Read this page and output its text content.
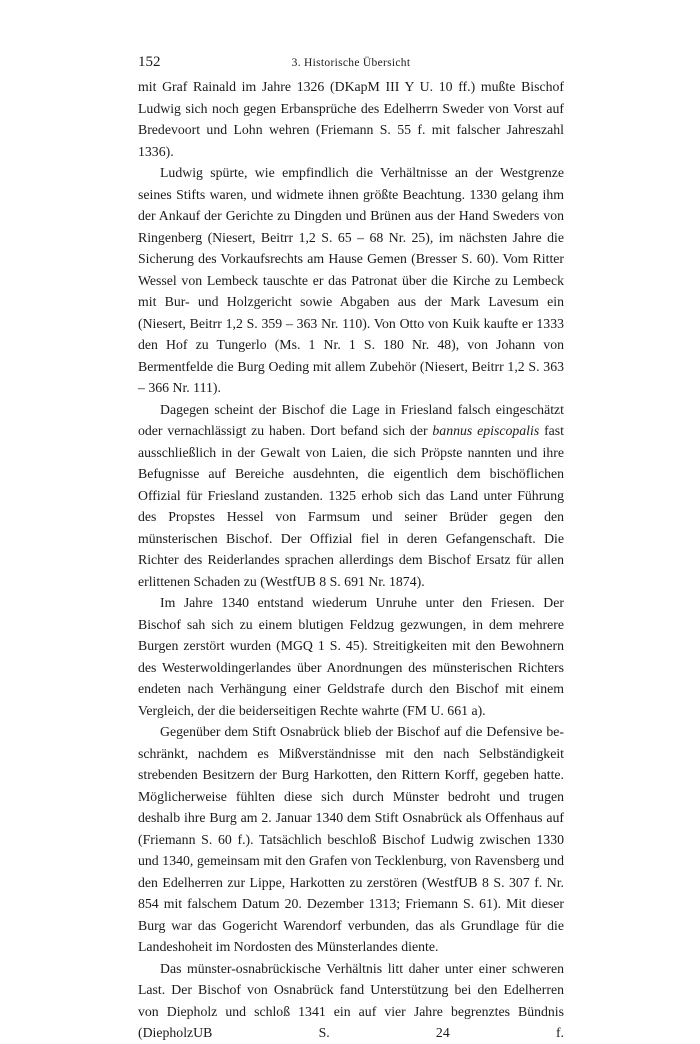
152	3. Historische Übersicht

mit Graf Rainald im Jahre 1326 (DKapM III Y U. 10 ff.) mußte Bischof Ludwig sich noch gegen Erbansprüche des Edelherrn Sweder von Vorst auf Bredevoort und Lohn wehren (Friemann S. 55 f. mit falscher Jahreszahl 1336).

Ludwig spürte, wie empfindlich die Verhältnisse an der Westgrenze seines Stifts waren, und widmete ihnen größte Beachtung. 1330 gelang ihm der Ankauf der Gerichte zu Dingden und Brünen aus der Hand Sweders von Ringenberg (Niesert, Beitrr 1,2 S. 65 – 68 Nr. 25), im nächsten Jahre die Sicherung des Vorkaufsrechts am Hause Gemen (Bresser S. 60). Vom Ritter Wessel von Lembeck tauschte er das Patronat über die Kirche zu Lembeck mit Bur- und Holzgericht sowie Abgaben aus der Mark Lavesum ein (Niesert, Beitrr 1,2 S. 359 – 363 Nr. 110). Von Otto von Kuik kaufte er 1333 den Hof zu Tungerlo (Ms. 1 Nr. 1 S. 180 Nr. 48), von Johann von Bermentfelde die Burg Oeding mit allem Zubehör (Niesert, Beitrr 1,2 S. 363 – 366 Nr. 111).

Dagegen scheint der Bischof die Lage in Friesland falsch eingeschätzt oder vernachlässigt zu haben. Dort befand sich der bannus episcopalis fast ausschließlich in der Gewalt von Laien, die sich Pröpste nannten und ihre Befugnisse auf Bereiche ausdehnten, die eigentlich dem bischöflichen Offizial für Friesland zustanden. 1325 erhob sich das Land unter Führung des Propstes Hessel von Farmsum und seiner Brüder gegen den münsterischen Bischof. Der Offizial fiel in deren Gefangenschaft. Die Richter des Reiderlandes sprachen allerdings dem Bischof Ersatz für allen erlittenen Schaden zu (WestfUB 8 S. 691 Nr. 1874).

Im Jahre 1340 entstand wiederum Unruhe unter den Friesen. Der Bischof sah sich zu einem blutigen Feldzug gezwungen, in dem mehrere Burgen zerstört wurden (MGQ 1 S. 45). Streitigkeiten mit den Bewohnern des Westerwoldingerlandes über Anordnungen des münsterischen Richters endeten nach Verhängung einer Geldstrafe durch den Bischof mit einem Vergleich, der die beiderseitigen Rechte wahrte (FM U. 661 a).

Gegenüber dem Stift Osnabrück blieb der Bischof auf die Defensive beschränkt, nachdem es Mißverständnisse mit den nach Selbständigkeit strebenden Besitzern der Burg Harkotten, den Rittern Korff, gegeben hatte. Möglicherweise fühlten diese sich durch Münster bedroht und trugen deshalb ihre Burg am 2. Januar 1340 dem Stift Osnabrück als Offenhaus auf (Friemann S. 60 f.). Tatsächlich beschloß Bischof Ludwig zwischen 1330 und 1340, gemeinsam mit den Grafen von Tecklenburg, von Ravensberg und den Edelherren zur Lippe, Harkotten zu zerstören (WestfUB 8 S. 307 f. Nr. 854 mit falschem Datum 20. Dezember 1313; Friemann S. 61). Mit dieser Burg war das Gogericht Warendorf verbunden, das als Grundlage für die Landeshoheit im Nordosten des Münsterlandes diente.

Das münster-osnabrückische Verhältnis litt daher unter einer schweren Last. Der Bischof von Osnabrück fand Unterstützung bei den Edelherren von Diepholz und schloß 1341 ein auf vier Jahre begrenztes Bündnis (DiepholzUB S. 24 f.
